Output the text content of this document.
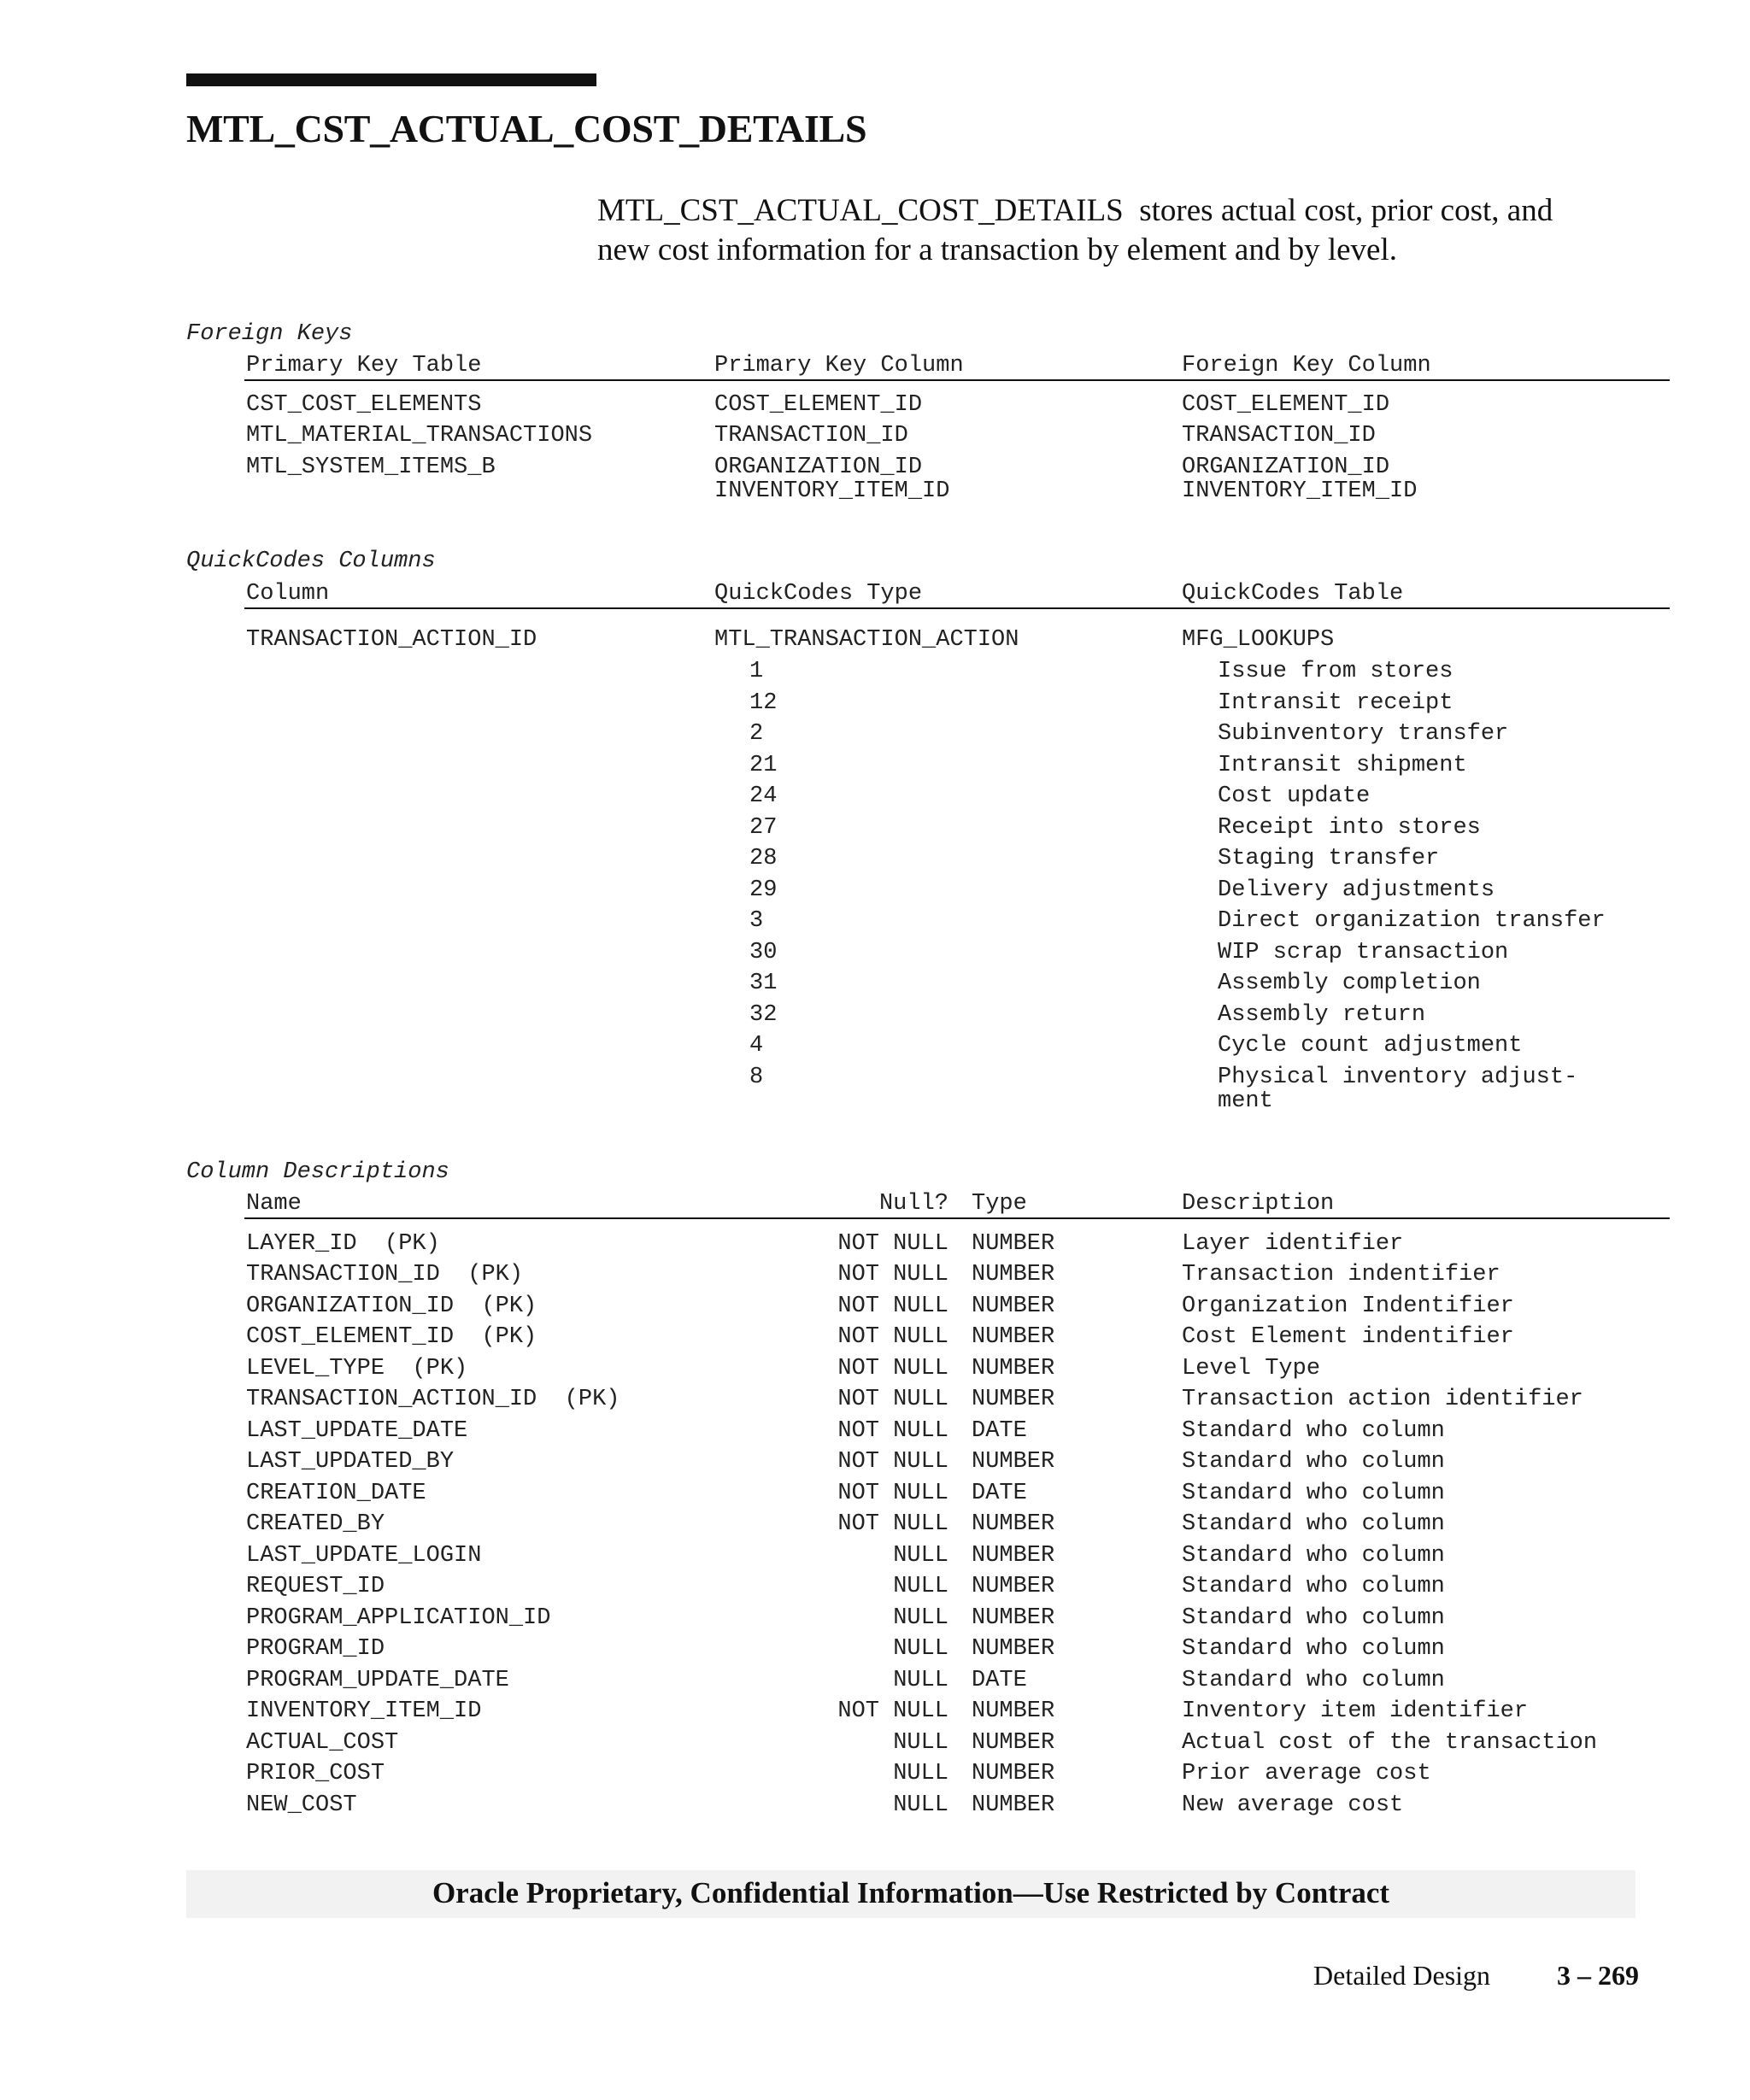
MTL_CST_ACTUAL_COST_DETAILS
MTL_CST_ACTUAL_COST_DETAILS  stores actual cost, prior cost, and
new cost information for a transaction by element and by level.
Foreign Keys
Primary Key Table	Primary Key Column	Foreign Key Column
CST_COST_ELEMENTS	COST_ELEMENT_ID	COST_ELEMENT_ID
MTL_MATERIAL_TRANSACTIONS	TRANSACTION_ID	TRANSACTION_ID
MTL_SYSTEM_ITEMS_B	ORGANIZATION_ID	ORGANIZATION_ID
INVENTORY_ITEM_ID	INVENTORY_ITEM_ID
QuickCodes Columns
Column	QuickCodes Type	QuickCodes Table
TRANSACTION_ACTION_ID	MTL_TRANSACTION_ACTION	MFG_LOOKUPS
1	Issue from stores
12	Intransit receipt
2	Subinventory transfer
21	Intransit shipment
24	Cost update
27	Receipt into stores
28	Staging transfer
29	Delivery adjustments
3	Direct organization transfer
30	WIP scrap transaction
31	Assembly completion
32	Assembly return
4	Cycle count adjustment
8	Physical inventory adjust-
ment
Column Descriptions
Name	Null? Type	Description
LAYER_ID  (PK)	NOT NULL NUMBER	Layer identifier
TRANSACTION_ID  (PK)	NOT NULL NUMBER	Transaction indentifier
ORGANIZATION_ID  (PK)	NOT NULL NUMBER	Organization Indentifier
COST_ELEMENT_ID  (PK)	NOT NULL NUMBER	Cost Element indentifier
LEVEL_TYPE  (PK)	NOT NULL NUMBER	Level Type
TRANSACTION_ACTION_ID  (PK)	NOT NULL NUMBER	Transaction action identifier
LAST_UPDATE_DATE	NOT NULL DATE	Standard who column
LAST_UPDATED_BY	NOT NULL NUMBER	Standard who column
CREATION_DATE	NOT NULL DATE	Standard who column
CREATED_BY	NOT NULL NUMBER	Standard who column
LAST_UPDATE_LOGIN	NULL NUMBER	Standard who column
REQUEST_ID	NULL NUMBER	Standard who column
PROGRAM_APPLICATION_ID	NULL NUMBER	Standard who column
PROGRAM_ID	NULL NUMBER	Standard who column
PROGRAM_UPDATE_DATE	NULL DATE	Standard who column
INVENTORY_ITEM_ID	NOT NULL NUMBER	Inventory item identifier
ACTUAL_COST	NULL NUMBER	Actual cost of the transaction
PRIOR_COST	NULL NUMBER	Prior average cost
NEW_COST	NULL NUMBER	New average cost

Oracle Proprietary, Confidential Information––Use Restricted by Contract

Detailed Design 3 – 269
